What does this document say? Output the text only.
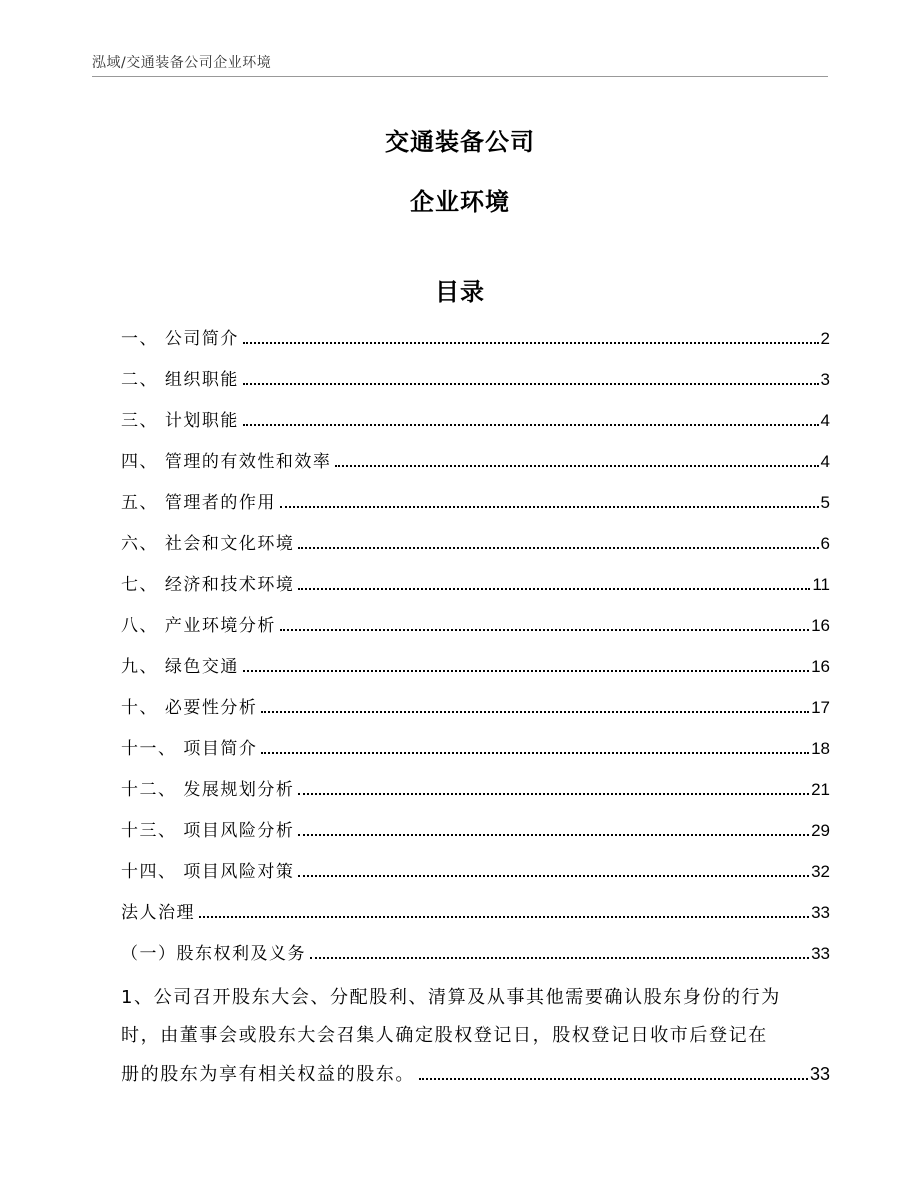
泓域/交通装备公司企业环境
交通装备公司
企业环境
目录
一、 公司简介	2
二、 组织职能	3
三、 计划职能	4
四、 管理的有效性和效率	4
五、 管理者的作用	5
六、 社会和文化环境	6
七、 经济和技术环境	11
八、 产业环境分析	16
九、 绿色交通	16
十、 必要性分析	17
十一、 项目简介	18
十二、 发展规划分析	21
十三、 项目风险分析	29
十四、 项目风险对策	32
法人治理	33
（一）股东权利及义务	33
1、公司召开股东大会、分配股利、清算及从事其他需要确认股东身份的行为
时，由董事会或股东大会召集人确定股权登记日，股权登记日收市后登记在
册的股东为享有相关权益的股东。	33
